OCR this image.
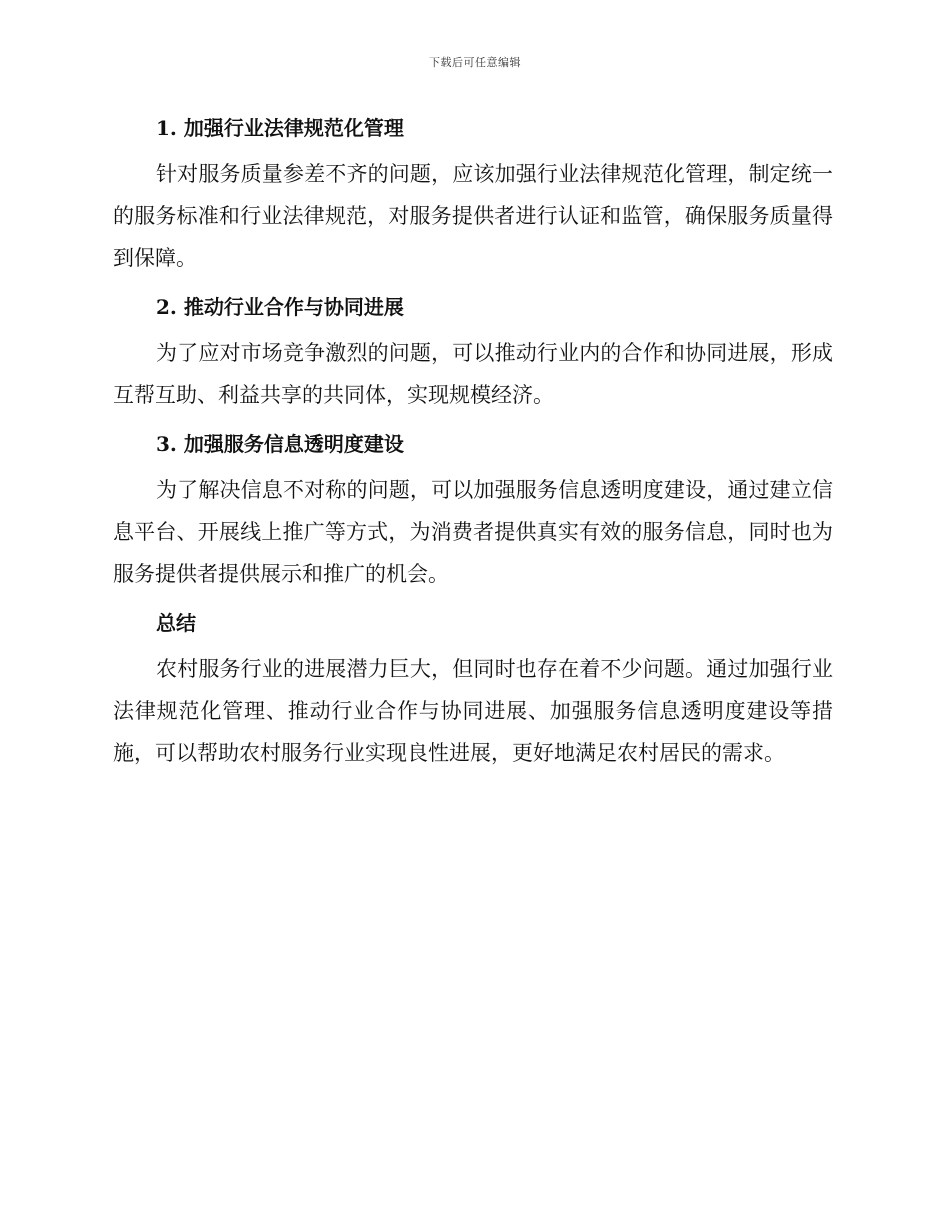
下载后可任意编辑
1. 加强行业法律规范化管理

针对服务质量参差不齐的问题，应该加强行业法律规范化管理，制定统一的服务标准和行业法律规范，对服务提供者进行认证和监管，确保服务质量得到保障。

2. 推动行业合作与协同进展

为了应对市场竞争激烈的问题，可以推动行业内的合作和协同进展，形成互帮互助、利益共享的共同体，实现规模经济。

3. 加强服务信息透明度建设

为了解决信息不对称的问题，可以加强服务信息透明度建设，通过建立信息平台、开展线上推广等方式，为消费者提供真实有效的服务信息，同时也为服务提供者提供展示和推广的机会。

总结

农村服务行业的进展潜力巨大，但同时也存在着不少问题。通过加强行业法律规范化管理、推动行业合作与协同进展、加强服务信息透明度建设等措施，可以帮助农村服务行业实现良性进展，更好地满足农村居民的需求。
